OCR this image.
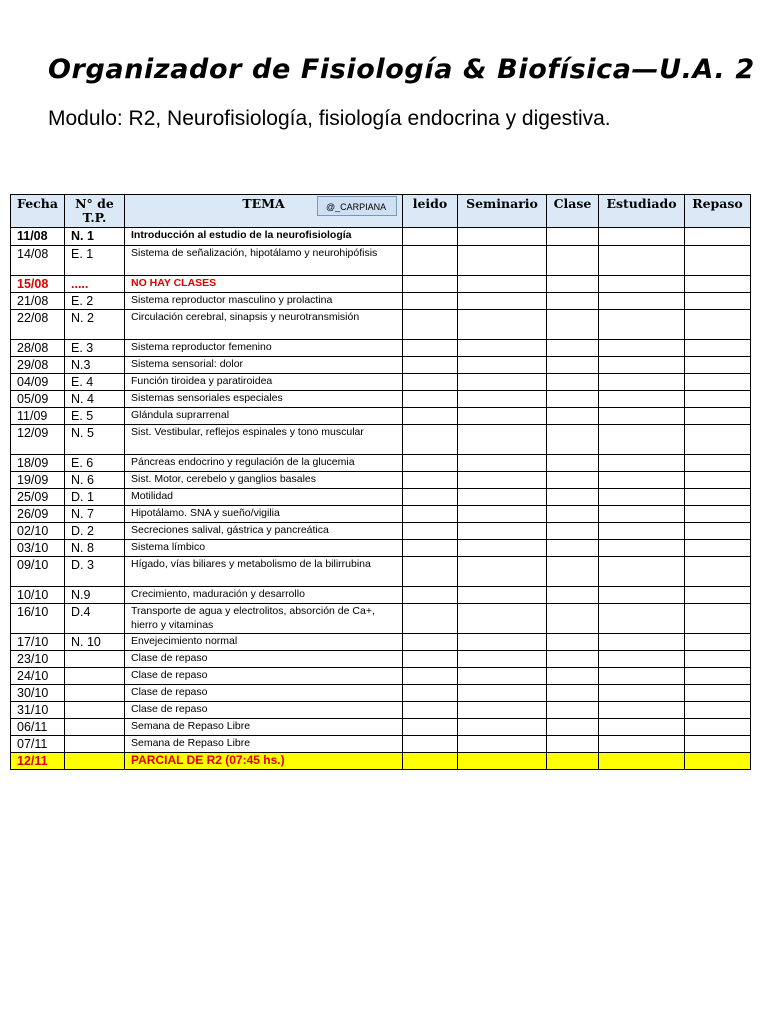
Organizador de Fisiología & Biofísica—U.A. 2
Modulo: R2, Neurofisiología, fisiología endocrina y digestiva.
Fecha	N° de T.P.	TEMA @_CARPIANA	leido	Seminario	Clase	Estudiado	Repaso
11/08	N. 1	Introducción al estudio de la neurofisiología					
14/08	E. 1	Sistema de señalización, hipotálamo y neurohipófisis					
15/08	.....	NO HAY CLASES					
21/08	E. 2	Sistema reproductor masculino y prolactina					
22/08	N. 2	Circulación cerebral, sinapsis y neurotransmisión					
28/08	E. 3	Sistema reproductor femenino					
29/08	N.3	Sistema sensorial: dolor					
04/09	E. 4	Función tiroidea y paratiroidea					
05/09	N. 4	Sistemas sensoriales especiales					
11/09	E. 5	Glándula suprarrenal					
12/09	N. 5	Sist. Vestibular, reflejos espinales y tono muscular					
18/09	E. 6	Páncreas endocrino y regulación de la glucemia					
19/09	N. 6	Sist. Motor, cerebelo y ganglios basales					
25/09	D. 1	Motilidad					
26/09	N. 7	Hipotálamo. SNA y sueño/vigilia					
02/10	D. 2	Secreciones salival, gástrica y pancreática					
03/10	N. 8	Sistema límbico					
09/10	D. 3	Hígado, vías biliares y metabolismo de la bilirrubina					
10/10	N.9	Crecimiento, maduración y desarrollo					
16/10	D.4	Transporte de agua y electrolitos, absorción de Ca+, hierro y vitaminas					
17/10	N. 10	Envejecimiento normal					
23/10		Clase de repaso					
24/10		Clase de repaso					
30/10		Clase de repaso					
31/10		Clase de repaso					
06/11		Semana de Repaso Libre					
07/11		Semana de Repaso Libre					
12/11		PARCIAL DE R2 (07:45 hs.)					
